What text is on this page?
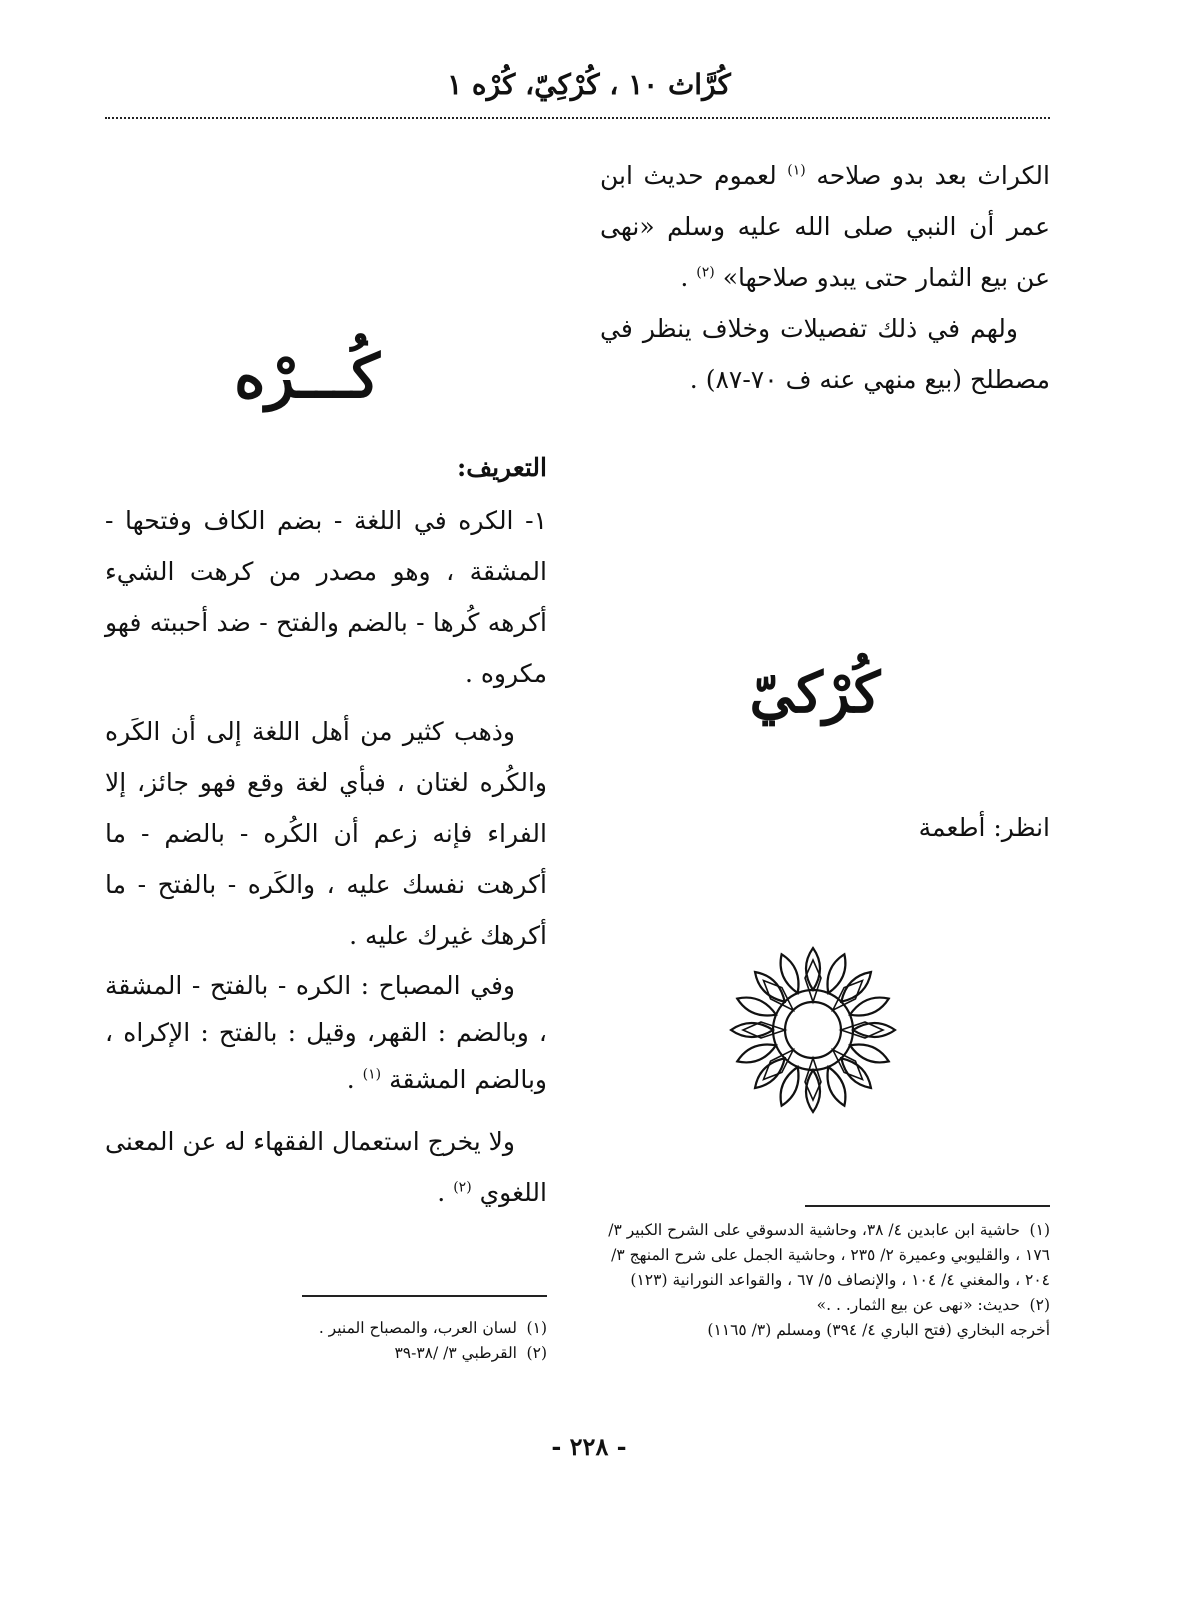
كُرَّاث ١٠ ، كُرْكِيّ، كُرْه ١

الكراث بعد بدو صلاحه $^{(١)}$ لعموم حديث ابن عمر أن النبي صلى الله عليه وسلم «نهى عن بيع الثمار حتى يبدو صلاحها» $^{(٢)}$ .

ولهم في ذلك تفصيلات وخلاف ينظر في مصطلح (بيع منهي عنه ف ٧٠-٨٧) .

كُرْكيّ

انظر: أطعمة

(١)حاشية ابن عابدين ٤/ ٣٨، وحاشية الدسوقي على الشرح الكبير ٣/ ١٧٦ ، والقليوبي وعميرة ٢/ ٢٣٥ ، وحاشية الجمل على شرح المنهج ٣/ ٢٠٤ ، والمغني ٤/ ١٠٤ ، والإنصاف ٥/ ٦٧ ، والقواعد النورانية (١٢٣)

(٢)حديث: «نهى عن بيع الثمار. . .»

أخرجه البخاري (فتح الباري ٤/ ٣٩٤) ومسلم (٣/ ١١٦٥)

كُـــرْه

التعريف:

١- الكره في اللغة - بضم الكاف وفتحها - المشقة ، وهو مصدر من كرهت الشيء أكرهه كُرها - بالضم والفتح - ضد أحببته فهو مكروه .

وذهب كثير من أهل اللغة إلى أن الكَره والكُره لغتان ، فبأي لغة وقع فهو جائز، إلا الفراء فإنه زعم أن الكُره - بالضم - ما أكرهت نفسك عليه ، والكَره - بالفتح - ما أكرهك غيرك عليه .

وفي المصباح : الكره - بالفتح - المشقة ، وبالضم : القهر، وقيل : بالفتح : الإكراه ، وبالضم المشقة $^{(١)}$ .

ولا يخرج استعمال الفقهاء له عن المعنى اللغوي $^{(٢)}$ .

(١)لسان العرب، والمصباح المنير .

(٢)القرطبي ٣/ /٣٨-٣٩

- ٢٢٨ -
